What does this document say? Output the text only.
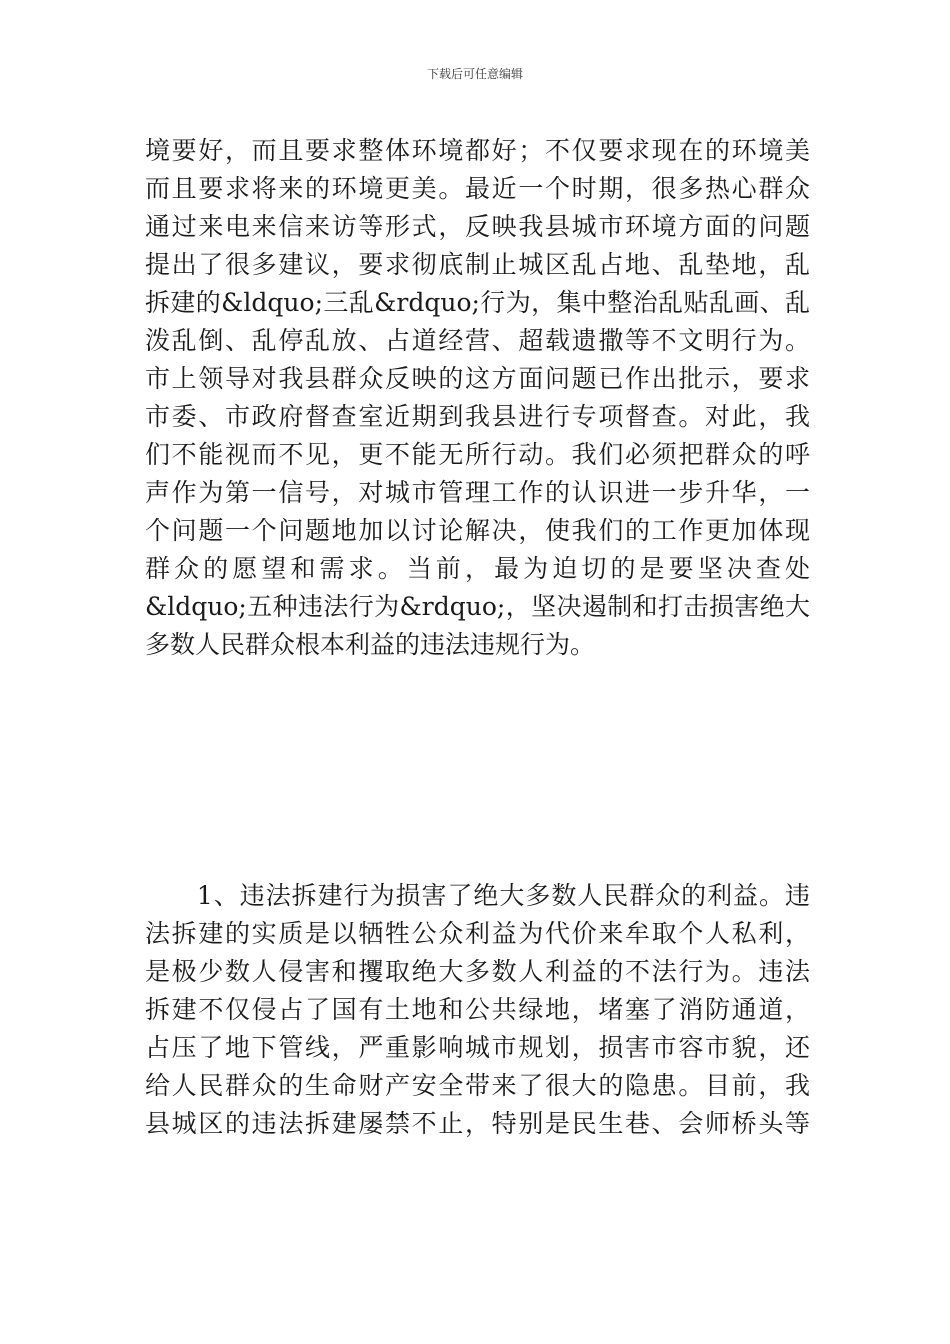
下载后可任意编辑
境要好，而且要求整体环境都好；不仅要求现在的环境美
而且要求将来的环境更美。最近一个时期，很多热心群众
通过来电来信来访等形式，反映我县城市环境方面的问题
提出了很多建议，要求彻底制止城区乱占地、乱垫地，乱
拆建的&ldquo;三乱&rdquo;行为，集中整治乱贴乱画、乱
泼乱倒、乱停乱放、占道经营、超载遗撒等不文明行为。
市上领导对我县群众反映的这方面问题已作出批示，要求
市委、市政府督查室近期到我县进行专项督查。对此，我
们不能视而不见，更不能无所行动。我们必须把群众的呼
声作为第一信号，对城市管理工作的认识进一步升华，一
个问题一个问题地加以讨论解决，使我们的工作更加体现
群众的愿望和需求。当前，最为迫切的是要坚决查处
&ldquo;五种违法行为&rdquo;，坚决遏制和打击损害绝大
多数人民群众根本利益的违法违规行为。
　　1、违法拆建行为损害了绝大多数人民群众的利益。违
法拆建的实质是以牺牲公众利益为代价来牟取个人私利，
是极少数人侵害和攫取绝大多数人利益的不法行为。违法
拆建不仅侵占了国有土地和公共绿地，堵塞了消防通道，
占压了地下管线，严重影响城市规划，损害市容市貌，还
给人民群众的生命财产安全带来了很大的隐患。目前，我
县城区的违法拆建屡禁不止，特别是民生巷、会师桥头等
